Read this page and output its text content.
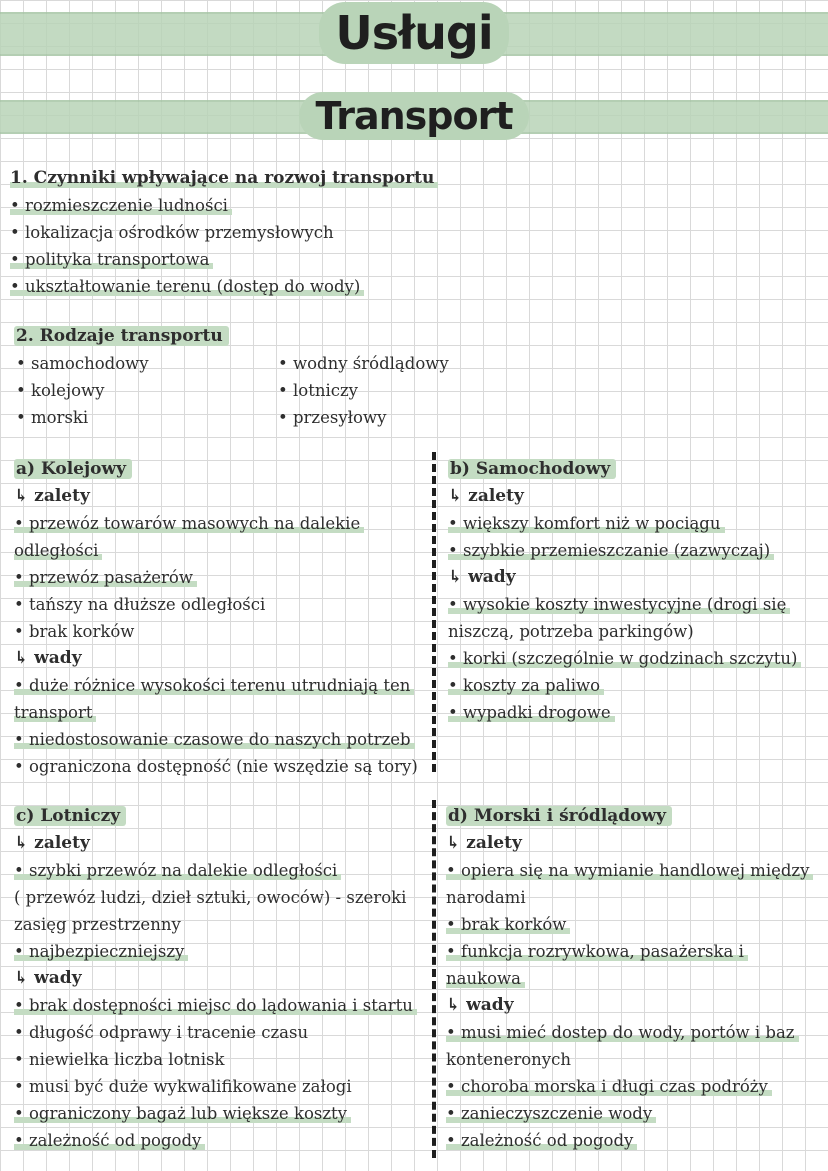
Usługi
Transport
1. Czynniki wpływające na rozwoj transportu
• rozmieszczenie ludności
• lokalizacja ośrodków przemysłowych
• polityka transportowa
• ukształtowanie terenu (dostęp do wody)
2. Rodzaje transportu
• samochodowy
• kolejowy
• morski
• wodny śródlądowy
• lotniczy
• przesyłowy
a) Kolejowy
↳ zalety
• przewóz towarów masowych na dalekie
odległości
• przewóz pasażerów
• tańszy na dłuższe odległości
• brak korków
↳ wady
• duże różnice wysokości terenu utrudniają ten
transport
• niedostosowanie czasowe do naszych potrzeb
• ograniczona dostępność (nie wszędzie są tory)
b) Samochodowy
↳ zalety
• większy komfort niż w pociągu
• szybkie przemieszczanie (zazwyczaj)
↳ wady
• wysokie koszty inwestycyjne (drogi się
niszczą, potrzeba parkingów)
• korki (szczególnie w godzinach szczytu)
• koszty za paliwo
• wypadki drogowe
c) Lotniczy
↳ zalety
• szybki przewóz na dalekie odległości
( przewóz ludzi, dzieł sztuki, owoców) - szeroki
zasięg przestrzenny
• najbezpieczniejszy
↳ wady
• brak dostępności miejsc do lądowania i startu
• długość odprawy i tracenie czasu
• niewielka liczba lotnisk
• musi być duże wykwalifikowane załogi
• ograniczony bagaż lub większe koszty
• zależność od pogody
d) Morski i śródlądowy
↳ zalety
• opiera się na wymianie handlowej między
narodami
• brak korków
• funkcja rozrywkowa, pasażerska i
naukowa
↳ wady
• musi mieć dostep do wody, portów i baz
konteneronych
• choroba morska i długi czas podróży
• zanieczyszczenie wody
• zależność od pogody
